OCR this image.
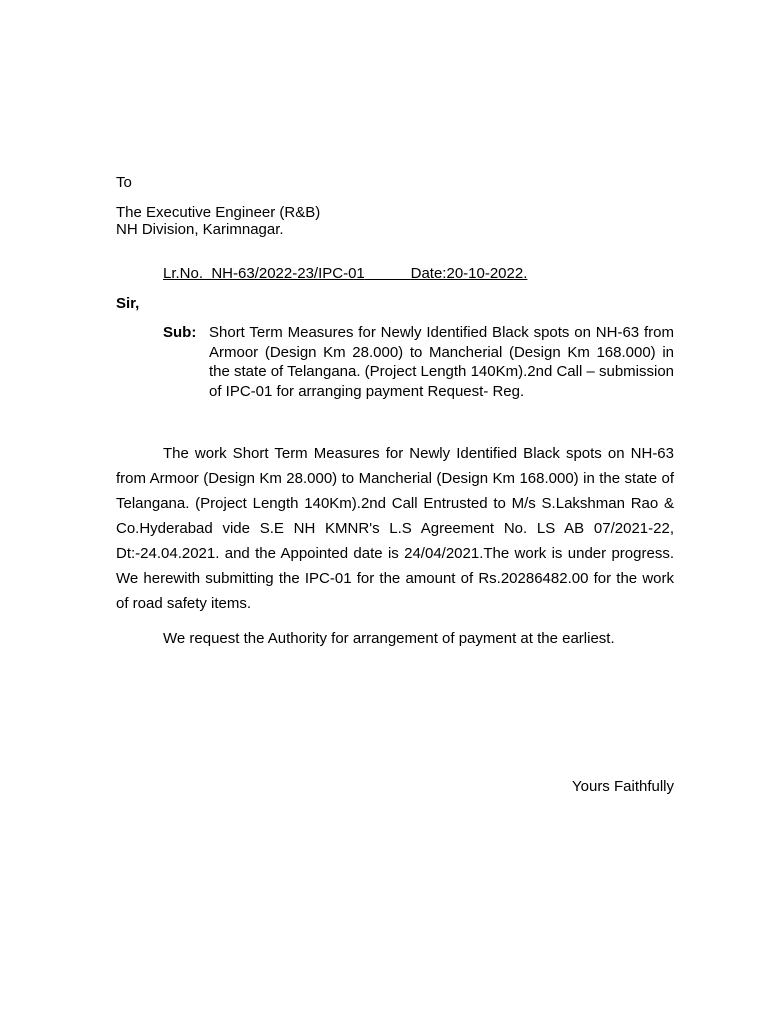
To
The Executive Engineer (R&B)
NH Division, Karimnagar.
Lr.No.  NH-63/2022-23/IPC-01	Date:20-10-2022.
Sir,
Sub: Short Term Measures for Newly Identified Black spots on NH-63 from Armoor (Design Km 28.000) to Mancherial (Design Km 168.000) in the state of Telangana. (Project Length 140Km).2nd Call – submission of IPC-01 for arranging payment Request- Reg.
The work Short Term Measures for Newly Identified Black spots on NH-63 from Armoor (Design Km 28.000) to Mancherial (Design Km 168.000) in the state of Telangana. (Project Length 140Km).2nd Call Entrusted to M/s S.Lakshman Rao & Co.Hyderabad vide S.E NH KMNR's L.S Agreement No. LS AB 07/2021-22, Dt:-24.04.2021. and the Appointed date is 24/04/2021.The work is under progress. We herewith submitting the IPC-01 for the amount of Rs.20286482.00 for the work of road safety items.
We request the Authority for arrangement of payment at the earliest.
Yours Faithfully
